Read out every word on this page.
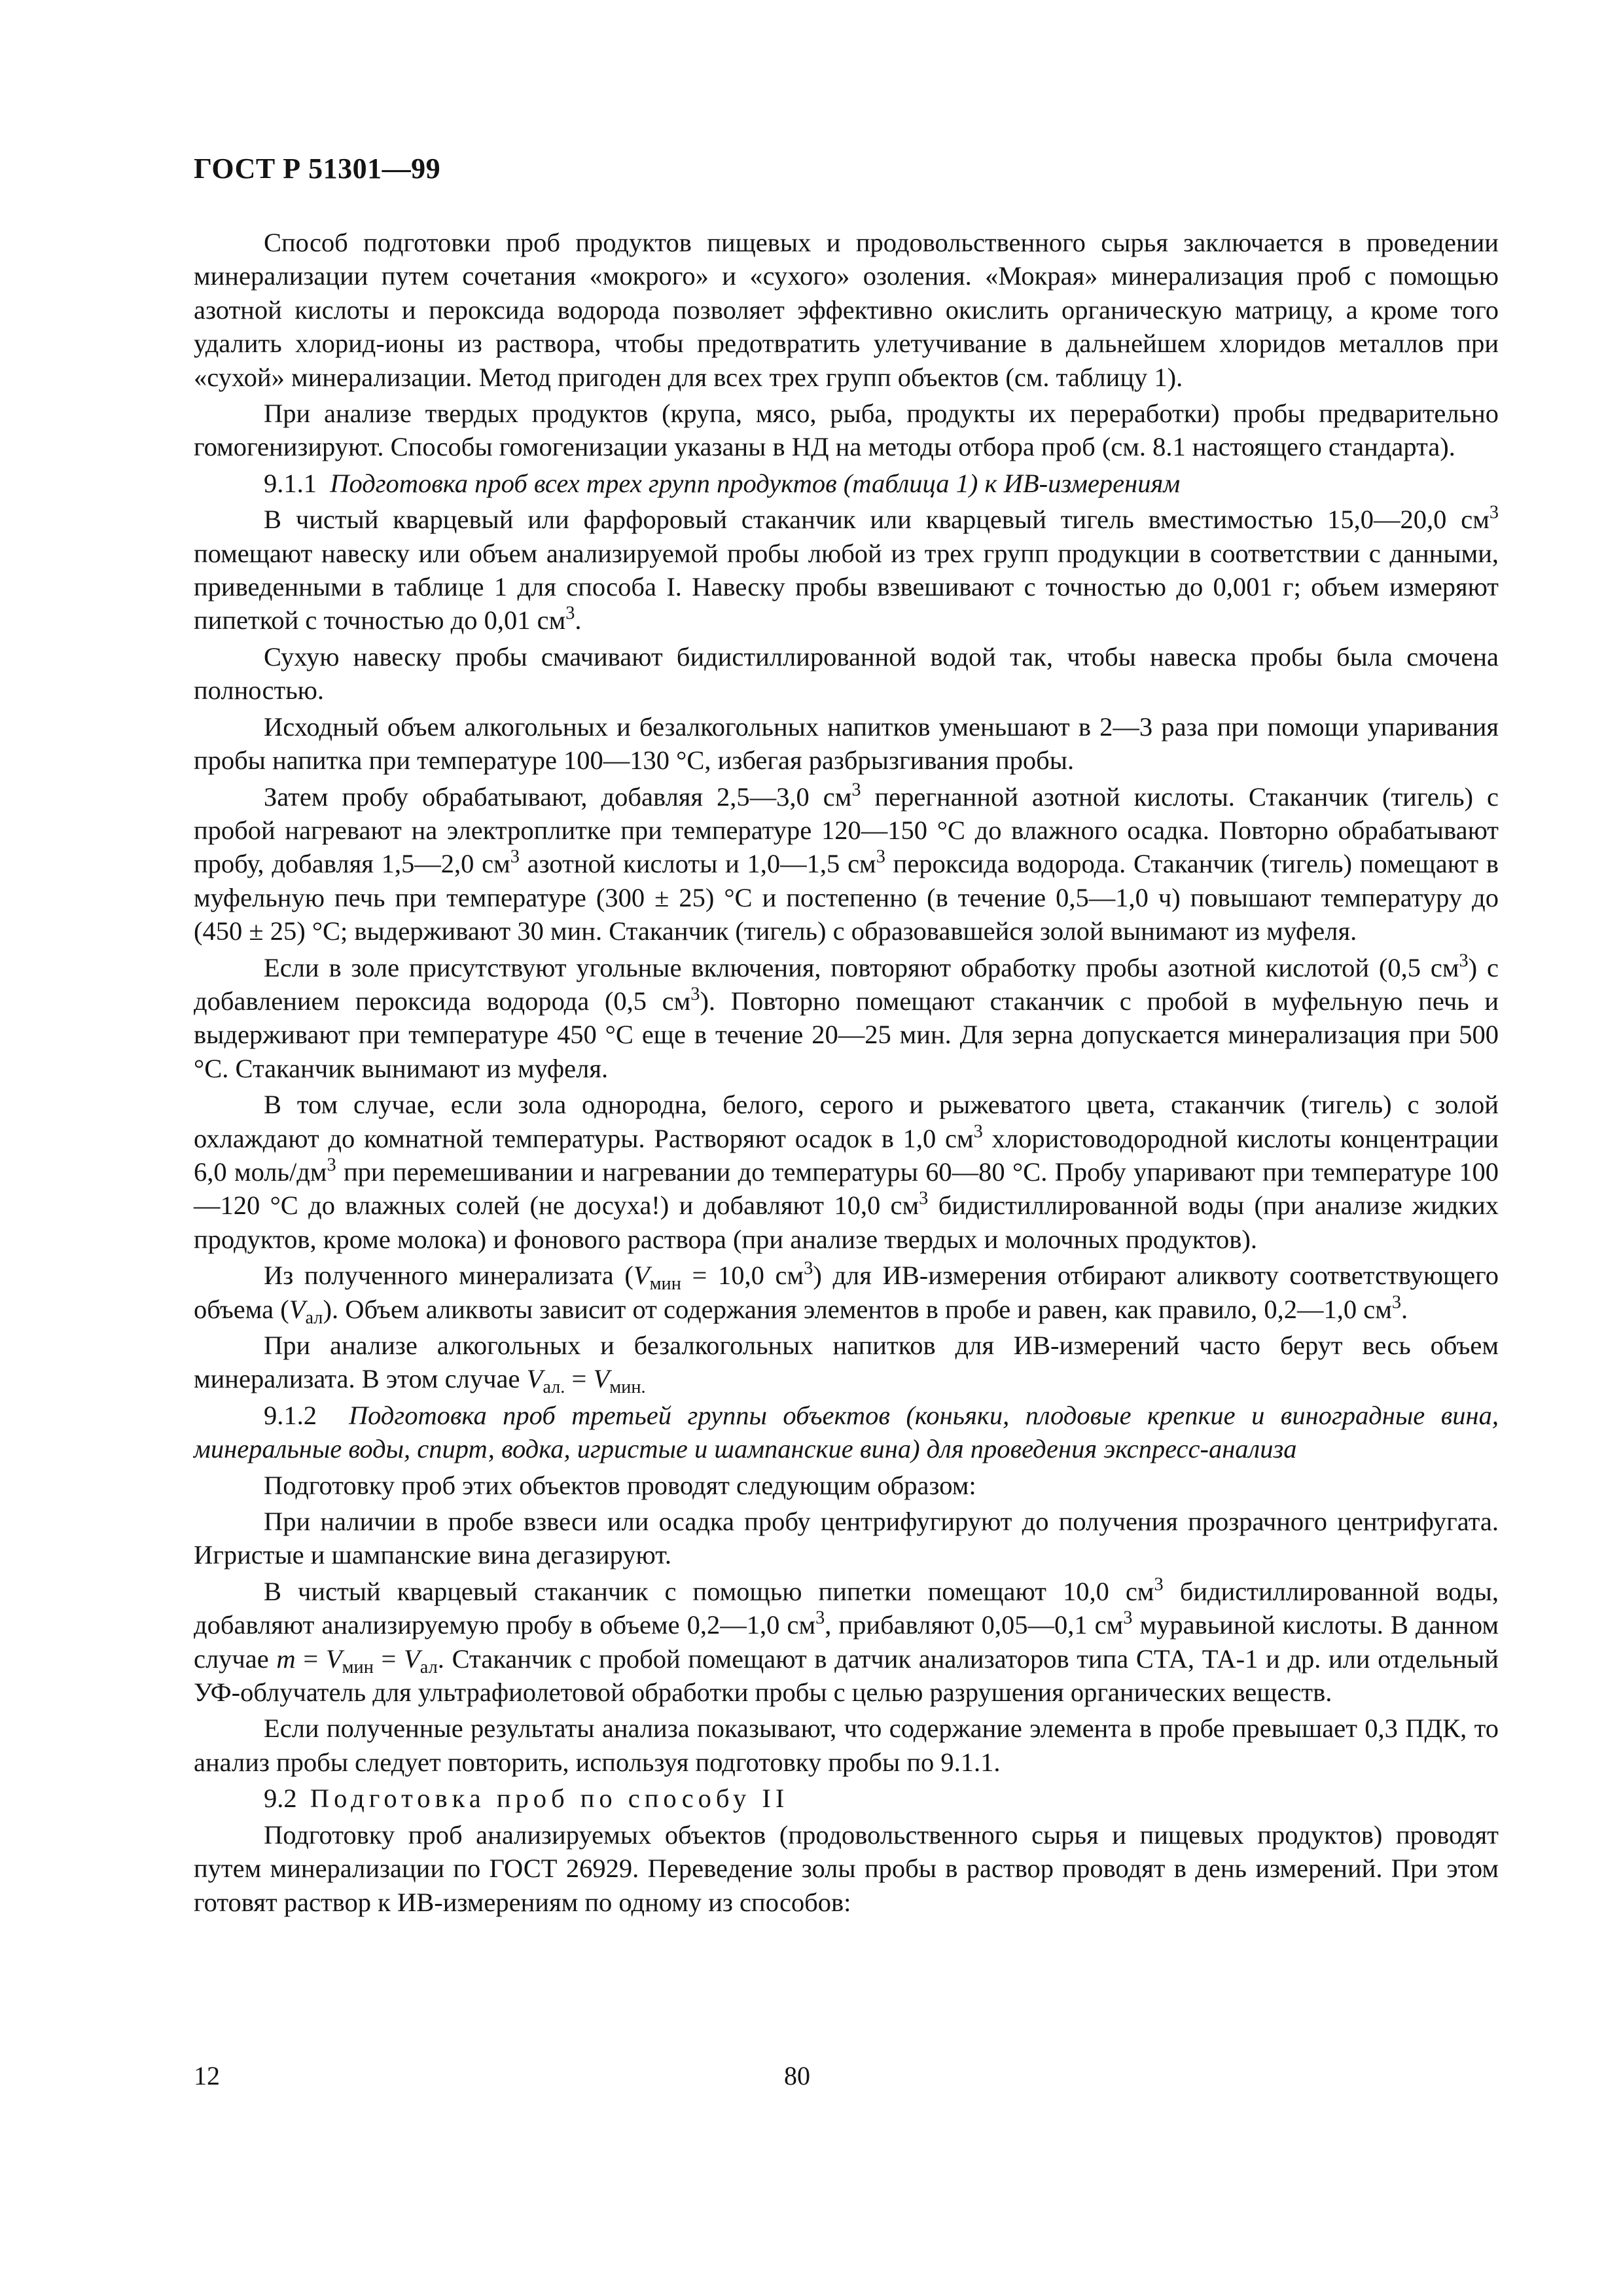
ГОСТ Р 51301—99

Способ подготовки проб продуктов пищевых и продовольственного сырья заключается в проведении минерализации путем сочетания «мокрого» и «сухого» озоления. «Мокрая» минерализация проб с помощью азотной кислоты и пероксида водорода позволяет эффективно окислить органическую матрицу, а кроме того удалить хлорид-ионы из раствора, чтобы предотвратить улетучивание в дальнейшем хлоридов металлов при «сухой» минерализации. Метод пригоден для всех трех групп объектов (см. таблицу 1).

При анализе твердых продуктов (крупа, мясо, рыба, продукты их переработки) пробы предварительно гомогенизируют. Способы гомогенизации указаны в НД на методы отбора проб (см. 8.1 настоящего стандарта).

9.1.1 Подготовка проб всех трех групп продуктов (таблица 1) к ИВ-измерениям

В чистый кварцевый или фарфоровый стаканчик или кварцевый тигель вместимостью 15,0—20,0 $см^3$ помещают навеску или объем анализируемой пробы любой из трех групп продукции в соответствии с данными, приведенными в таблице 1 для способа I. Навеску пробы взвешивают с точностью до 0,001 г; объем измеряют пипеткой с точностью до 0,01 $см^3$.

Сухую навеску пробы смачивают бидистиллированной водой так, чтобы навеска пробы была смочена полностью.

Исходный объем алкогольных и безалкогольных напитков уменьшают в 2—3 раза при помощи упаривания пробы напитка при температуре 100—130 °С, избегая разбрызгивания пробы.

Затем пробу обрабатывают, добавляя 2,5—3,0 $см^3$ перегнанной азотной кислоты. Стаканчик (тигель) с пробой нагревают на электроплитке при температуре 120—150 °С до влажного осадка. Повторно обрабатывают пробу, добавляя 1,5—2,0 $см^3$ азотной кислоты и 1,0—1,5 $см^3$ пероксида водорода. Стаканчик (тигель) помещают в муфельную печь при температуре (300 ± 25) °С и постепенно (в течение 0,5—1,0 ч) повышают температуру до (450 ± 25) °С; выдерживают 30 мин. Стаканчик (тигель) с образовавшейся золой вынимают из муфеля.

Если в золе присутствуют угольные включения, повторяют обработку пробы азотной кислотой (0,5 $см^3$) с добавлением пероксида водорода (0,5 $см^3$). Повторно помещают стаканчик с пробой в муфельную печь и выдерживают при температуре 450 °С еще в течение 20—25 мин. Для зерна допускается минерализация при 500 °С. Стаканчик вынимают из муфеля.

В том случае, если зола однородна, белого, серого и рыжеватого цвета, стаканчик (тигель) с золой охлаждают до комнатной температуры. Растворяют осадок в 1,0 $см^3$ хлористоводородной кислоты концентрации 6,0 моль/$дм^3$ при перемешивании и нагревании до температуры 60—80 °С. Пробу упаривают при температуре 100—120 °С до влажных солей (не досуха!) и добавляют 10,0 $см^3$ бидистиллированной воды (при анализе жидких продуктов, кроме молока) и фонового раствора (при анализе твердых и молочных продуктов).

Из полученного минерализата ($V_{мин} = 10,0$ $см^3$) для ИВ-измерения отбирают аликвоту соответствующего объема $(V_{ал})$. Объем аликвоты зависит от содержания элементов в пробе и равен, как правило, 0,2—1,0 $см^3$.

При анализе алкогольных и безалкогольных напитков для ИВ-измерений часто берут весь объем минерализата. В этом случае $V_{ал.} = V_{мин.}$

9.1.2 Подготовка проб третьей группы объектов (коньяки, плодовые крепкие и виноградные вина, минеральные воды, спирт, водка, игристые и шампанские вина) для проведения экспресс-анализа

Подготовку проб этих объектов проводят следующим образом:

При наличии в пробе взвеси или осадка пробу центрифугируют до получения прозрачного центрифугата. Игристые и шампанские вина дегазируют.

В чистый кварцевый стаканчик с помощью пипетки помещают 10,0 $см^3$ бидистиллированной воды, добавляют анализируемую пробу в объеме 0,2—1,0 $см^3$, прибавляют 0,05—0,1 $см^3$ муравьиной кислоты. В данном случае $m = V_{мин} = V_{ал}$. Стаканчик с пробой помещают в датчик анализаторов типа СТА, ТА-1 и др. или отдельный УФ-облучатель для ультрафиолетовой обработки пробы с целью разрушения органических веществ.

Если полученные результаты анализа показывают, что содержание элемента в пробе превышает 0,3 ПДК, то анализ пробы следует повторить, используя подготовку пробы по 9.1.1.

9.2 Подготовка проб по способу II

Подготовку проб анализируемых объектов (продовольственного сырья и пищевых продуктов) проводят путем минерализации по ГОСТ 26929. Переведение золы пробы в раствор проводят в день измерений. При этом готовят раствор к ИВ-измерениям по одному из способов:

12	80
